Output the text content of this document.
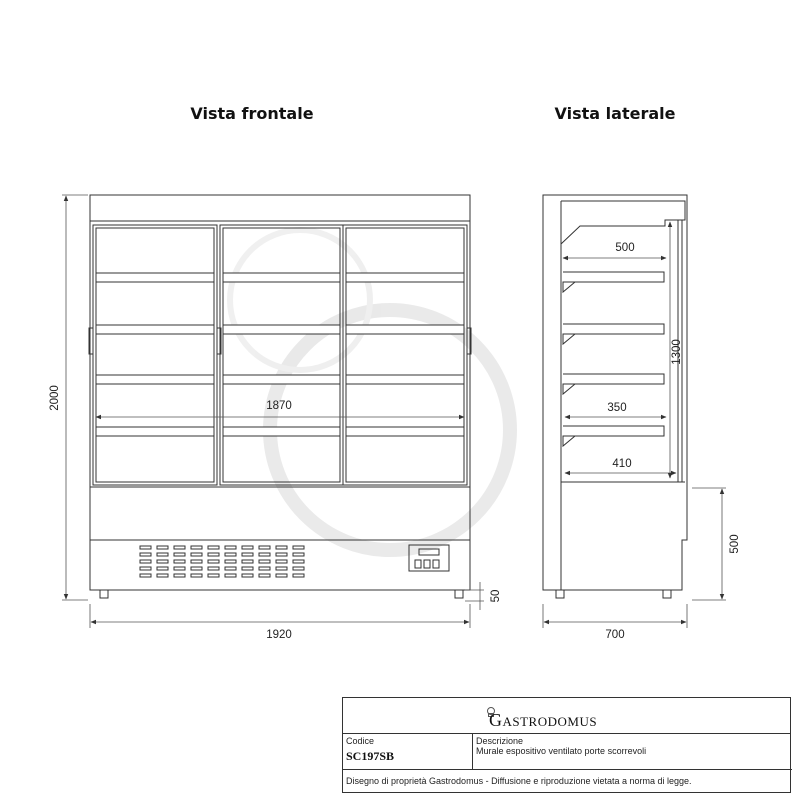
Vista frontale	Vista laterale
1870
2000
1920
50
500
350
410
1300
500
700
Gastrodomus
Codice
SC197SB
Descrizione
Murale espositivo ventilato porte scorrevoli
Disegno di proprietà Gastrodomus - Diffusione e riproduzione vietata a norma di legge.
